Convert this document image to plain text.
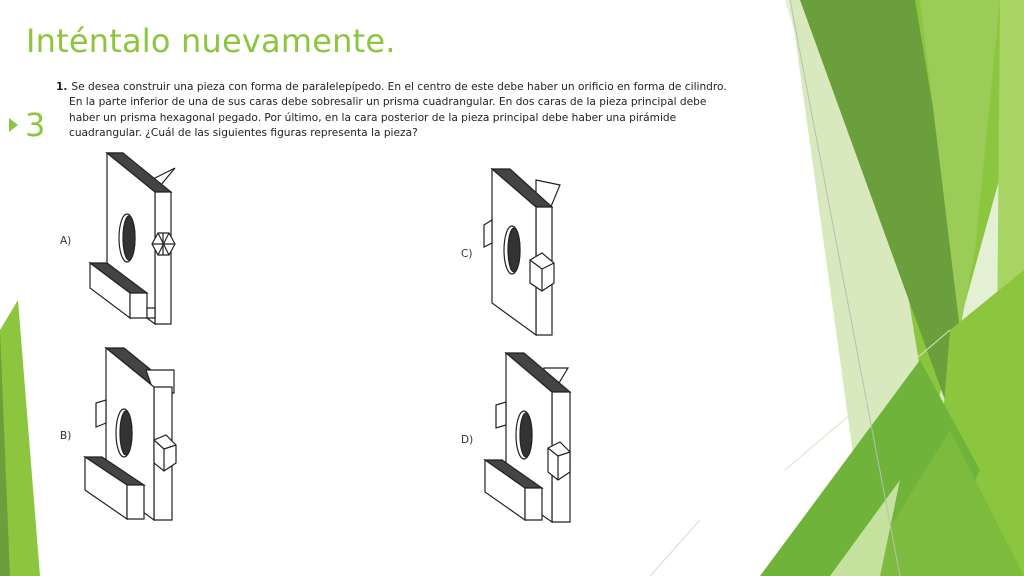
Inténtalo nuevamente.
3

1. Se desea construir una pieza con forma de paralelepípedo. En el centro de este debe haber un orificio en forma de cilindro.
En la parte inferior de una de sus caras debe sobresalir un prisma cuadrangular. En dos caras de la pieza principal debe
haber un prisma hexagonal pegado. Por último, en la cara posterior de la pieza principal debe haber una pirámide
cuadrangular. ¿Cuál de las siguientes figuras representa la pieza?

A)
B)
C)
D)
